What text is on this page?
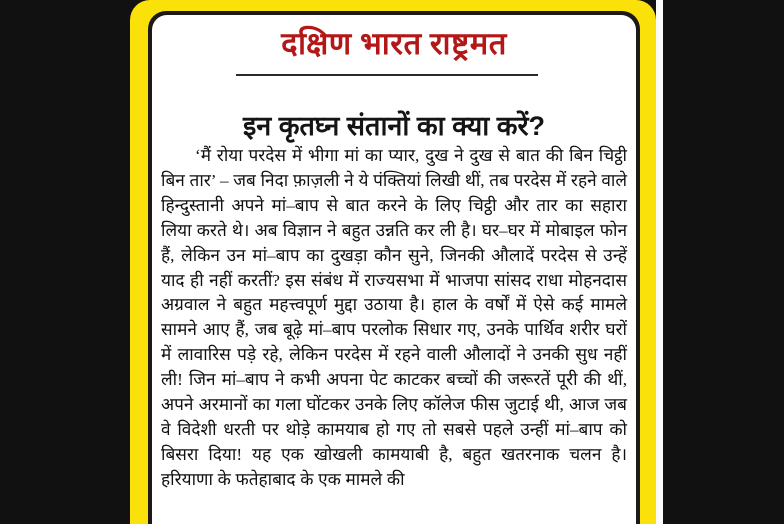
दक्षिण भारत राष्ट्रमत
इन कृतघ्न संतानों का क्या करें?
‘मैं रोया परदेस में भीगा मां का प्यार, दुख ने दुख से बात की बिन चिट्ठी बिन तार’ – जब निदा फ़ाज़ली ने ये पंक्तियां लिखी थीं, तब परदेस में रहने वाले हिन्दुस्तानी अपने मां–बाप से बात करने के लिए चिट्ठी और तार का सहारा लिया करते थे। अब विज्ञान ने बहुत उन्नति कर ली है। घर–घर में मोबाइल फोन हैं, लेकिन उन मां–बाप का दुखड़ा कौन सुने, जिनकी औलादें परदेस से उन्हें याद ही नहीं करतीं? इस संबंध में राज्यसभा में भाजपा सांसद राधा मोहनदास अग्रवाल ने बहुत महत्त्वपूर्ण मुद्दा उठाया है। हाल के वर्षों में ऐसे कई मामले सामने आए हैं, जब बूढ़े मां–बाप परलोक सिधार गए, उनके पार्थिव शरीर घरों में लावारिस पड़े रहे, लेकिन परदेस में रहने वाली औलादों ने उनकी सुध नहीं ली! जिन मां–बाप ने कभी अपना पेट काटकर बच्चों की जरूरतें पूरी की थीं, अपने अरमानों का गला घोंटकर उनके लिए कॉलेज फीस जुटाई थी, आज जब वे विदेशी धरती पर थोड़े कामयाब हो गए तो सबसे पहले उन्हीं मां–बाप को बिसरा दिया! यह एक खोखली कामयाबी है, बहुत खतरनाक चलन है। हरियाणा के फतेहाबाद के एक मामले की
